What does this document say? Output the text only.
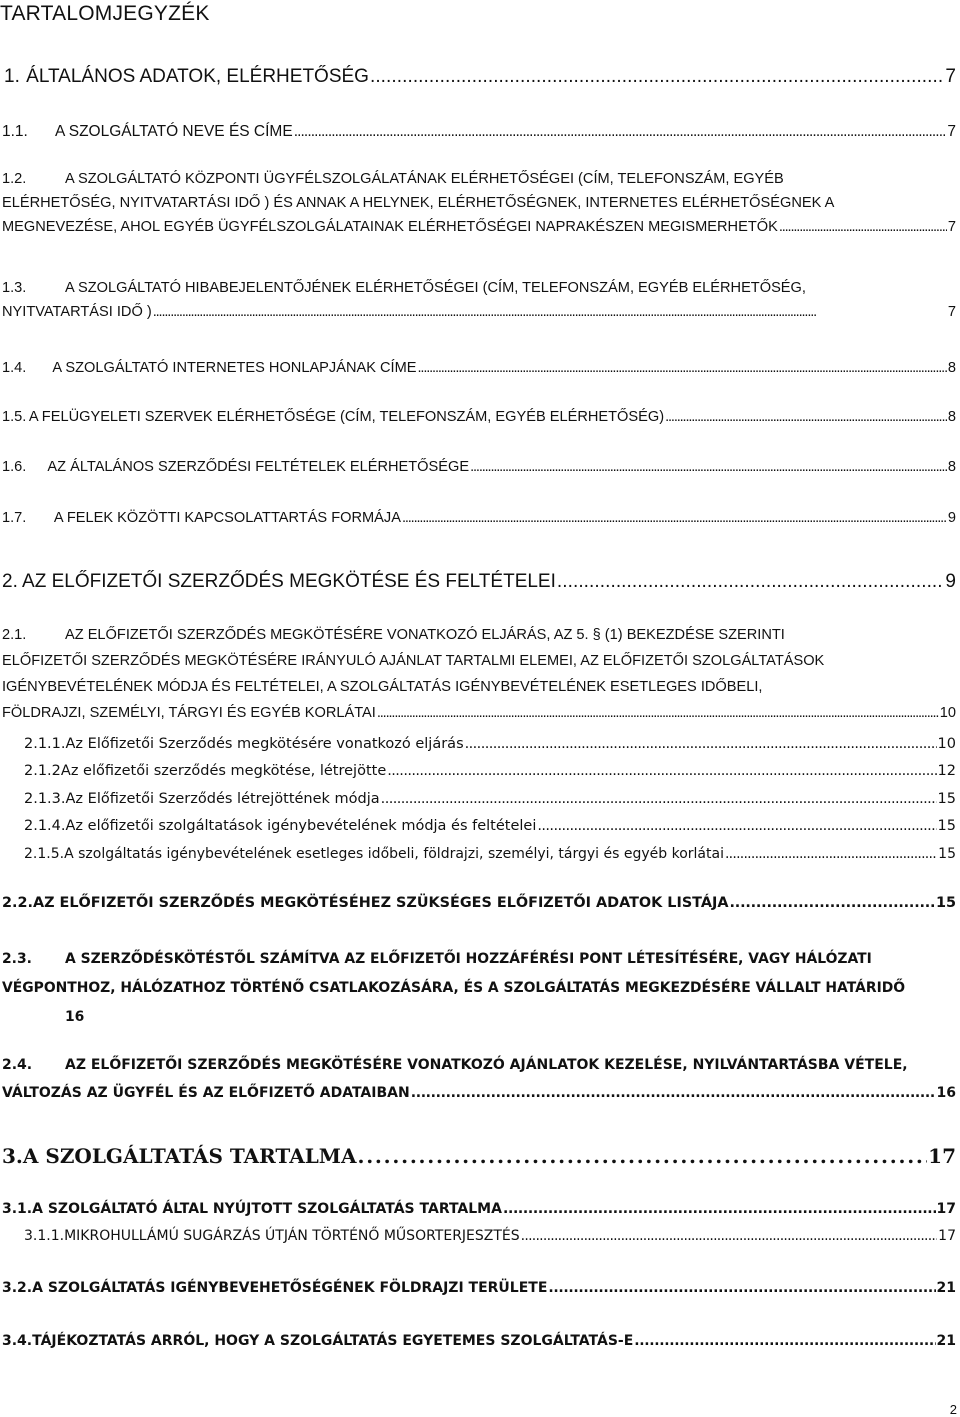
TARTALOMJEGYZÉK
1. ÁLTALÁNOS ADATOK, ELÉRHETŐSÉG . . .	7
1.1.	A SZOLGÁLTATÓ NEVE ÉS CÍME . . .	7
1.2.	A SZOLGÁLTATÓ KÖZPONTI ÜGYFÉLSZOLGÁLATÁNAK ELÉRHETŐSÉGEI (CÍM, TELEFONSZÁM, EGYÉB
ELÉRHETŐSÉG, NYITVATARTÁSI IDŐ ) ÉS ANNAK A HELYNEK, ELÉRHETŐSÉGNEK, INTERNETES ELÉRHETŐSÉGNEK A
MEGNEVEZÉSE, AHOL EGYÉB ÜGYFÉLSZOLGÁLATAINAK ELÉRHETŐSÉGEI NAPRAKÉSZEN MEGISMERHETŐK . . .	7
1.3.	A SZOLGÁLTATÓ HIBABEJELENTŐJÉNEK ELÉRHETŐSÉGEI (CÍM, TELEFONSZÁM, EGYÉB ELÉRHETŐSÉG,
NYITVATARTÁSI IDŐ ) . . .	7
1.4.	A SZOLGÁLTATÓ INTERNETES HONLAPJÁNAK CÍME . . .	8
1.5. A FELÜGYELETI SZERVEK ELÉRHETŐSÉGE (CÍM, TELEFONSZÁM, EGYÉB ELÉRHETŐSÉG) . . .	8
1.6.	AZ ÁLTALÁNOS SZERZŐDÉSI FELTÉTELEK ELÉRHETŐSÉGE . . .	8
1.7.	A FELEK KÖZÖTTI KAPCSOLATTARTÁS FORMÁJA . . .	9
2. AZ ELŐFIZETŐI SZERZŐDÉS MEGKÖTÉSE ÉS FELTÉTELEI . . .	9
2.1.	AZ ELŐFIZETŐI SZERZŐDÉS MEGKÖTÉSÉRE VONATKOZÓ ELJÁRÁS, AZ 5. § (1) BEKEZDÉSE SZERINTI
ELŐFIZETŐI SZERZŐDÉS MEGKÖTÉSÉRE IRÁNYULÓ AJÁNLAT TARTALMI ELEMEI, AZ ELŐFIZETŐI SZOLGÁLTATÁSOK
IGÉNYBEVÉTELÉNEK MÓDJA ÉS FELTÉTELEI, A SZOLGÁLTATÁS IGÉNYBEVÉTELÉNEK ESETLEGES IDŐBELI,
FÖLDRAJZI, SZEMÉLYI, TÁRGYI ÉS EGYÉB KORLÁTAI . . .	10
2.1.1. Az Előfizetői Szerződés megkötésére vonatkozó eljárás . . .	10
2.1.2 Az előfizetői szerződés megkötése, létrejötte . . .	12
2.1.3. Az Előfizetői Szerződés létrejöttének módja . . .	15
2.1.4. Az előfizetői szolgáltatások igénybevételének módja és feltételei . . .	15
2.1.5. A szolgáltatás igénybevételének esetleges időbeli, földrajzi, személyi, tárgyi és egyéb korlátai . . .	15
2.2. AZ ELŐFIZETŐI SZERZŐDÉS MEGKÖTÉSÉHEZ SZÜKSÉGES ELŐFIZETŐI ADATOK LISTÁJA . . .	15
2.3.	A SZERZŐDÉSKÖTÉSTŐL SZÁMÍTVA AZ ELŐFIZETŐI HOZZÁFÉRÉSI PONT LÉTESÍTÉSÉRE, VAGY HÁLÓZATI
VÉGPONTHOZ, HÁLÓZATHOZ TÖRTÉNŐ CSATLAKOZÁSÁRA, ÉS A SZOLGÁLTATÁS MEGKEZDÉSÉRE VÁLLALT HATÁRIDŐ
16
2.4.	AZ ELŐFIZETŐI SZERZŐDÉS MEGKÖTÉSÉRE VONATKOZÓ AJÁNLATOK KEZELÉSE, NYILVÁNTARTÁSBA VÉTELE,
VÁLTOZÁS AZ ÜGYFÉL ÉS AZ ELŐFIZETŐ ADATAIBAN . . .	16
3. A SZOLGÁLTATÁS TARTALMA . . .	17
3.1. A SZOLGÁLTATÓ ÁLTAL NYÚJTOTT SZOLGÁLTATÁS TARTALMA . . .	17
3.1.1. MIKROHULLÁMÚ SUGÁRZÁS ÚTJÁN TÖRTÉNŐ MŰSORTERJESZTÉS . . .	17
3.2. A SZOLGÁLTATÁS IGÉNYBEVEHETŐSÉGÉNEK FÖLDRAJZI TERÜLETE . . .	21
3.4. TÁJÉKOZTATÁS ARRÓL, HOGY A SZOLGÁLTATÁS EGYETEMES SZOLGÁLTATÁS-E . . .	21
2
